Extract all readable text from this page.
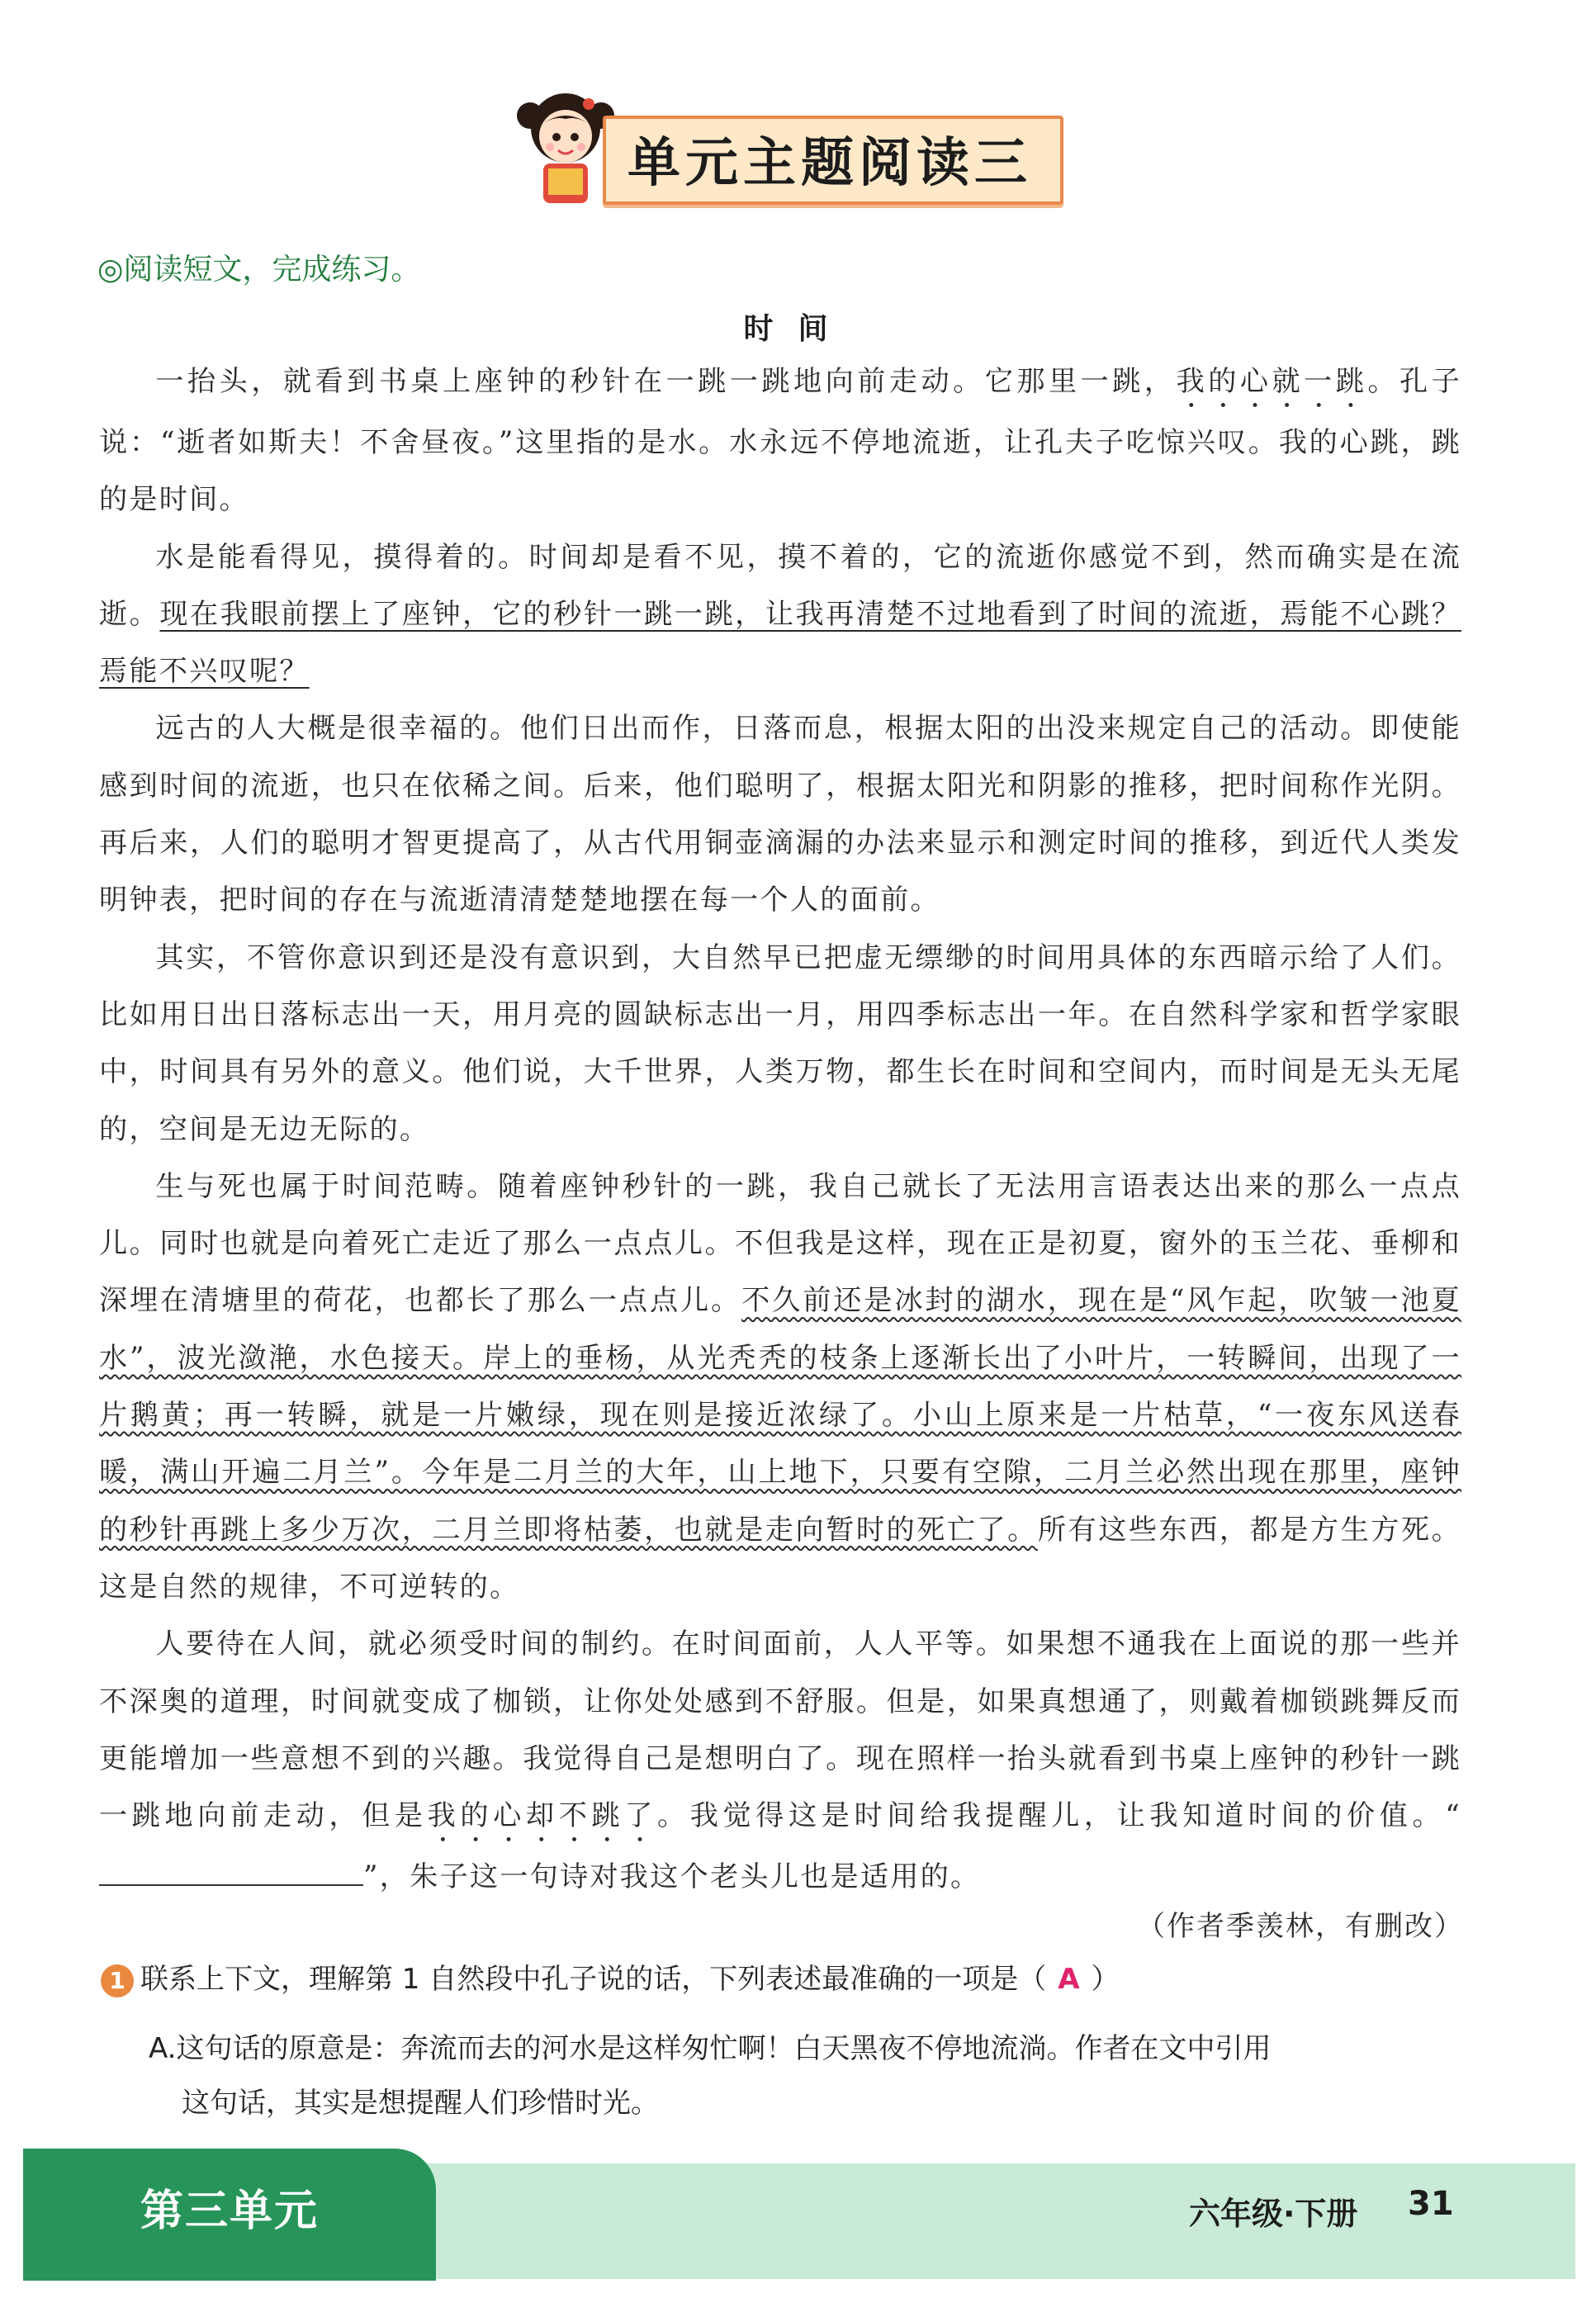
单元主题阅读三
◎阅读短文，完成练习。
时间

一抬头，就看到书桌上座钟的秒针在一跳一跳地向前走动。它那里一跳，我的心就一跳。孔子说：“逝者如斯夫！不舍昼夜。”这里指的是水。水永远不停地流逝，让孔夫子吃惊兴叹。我的心跳，跳的是时间。

水是能看得见，摸得着的。时间却是看不见，摸不着的，它的流逝你感觉不到，然而确实是在流逝。现在我眼前摆上了座钟，它的秒针一跳一跳，让我再清楚不过地看到了时间的流逝，焉能不心跳？焉能不兴叹呢？

远古的人大概是很幸福的。他们日出而作，日落而息，根据太阳的出没来规定自己的活动。即使能感到时间的流逝，也只在依稀之间。后来，他们聪明了，根据太阳光和阴影的推移，把时间称作光阴。再后来，人们的聪明才智更提高了，从古代用铜壶滴漏的办法来显示和测定时间的推移，到近代人类发明钟表，把时间的存在与流逝清清楚楚地摆在每一个人的面前。

其实，不管你意识到还是没有意识到，大自然早已把虚无缥缈的时间用具体的东西暗示给了人们。比如用日出日落标志出一天，用月亮的圆缺标志出一月，用四季标志出一年。在自然科学家和哲学家眼中，时间具有另外的意义。他们说，大千世界，人类万物，都生长在时间和空间内，而时间是无头无尾的，空间是无边无际的。

生与死也属于时间范畴。随着座钟秒针的一跳，我自己就长了无法用言语表达出来的那么一点点儿。同时也就是向着死亡走近了那么一点点儿。不但我是这样，现在正是初夏，窗外的玉兰花、垂柳和深埋在清塘里的荷花，也都长了那么一点点儿。不久前还是冰封的湖水，现在是“风乍起，吹皱一池夏水”，波光潋滟，水色接天。岸上的垂杨，从光秃秃的枝条上逐渐长出了小叶片，一转瞬间，出现了一片鹅黄；再一转瞬，就是一片嫩绿，现在则是接近浓绿了。小山上原来是一片枯草，“一夜东风送春暖，满山开遍二月兰”。今年是二月兰的大年，山上地下，只要有空隙，二月兰必然出现在那里，座钟的秒针再跳上多少万次，二月兰即将枯萎，也就是走向暂时的死亡了。所有这些东西，都是方生方死。这是自然的规律，不可逆转的。

人要待在人间，就必须受时间的制约。在时间面前，人人平等。如果想不通我在上面说的那一些并不深奥的道理，时间就变成了枷锁，让你处处感到不舒服。但是，如果真想通了，则戴着枷锁跳舞反而更能增加一些意想不到的兴趣。我觉得自己是想明白了。现在照样一抬头就看到书桌上座钟的秒针一跳一跳地向前走动，但是我的心却不跳了。我觉得这是时间给我提醒儿，让我知道时间的价值。“”，朱子这一句诗对我这个老头儿也是适用的。

（作者季羡林，有删改）
1 联系上下文，理解第 1 自然段中孔子说的话，下列表述最准确的一项是（ A ）
A.这句话的原意是：奔流而去的河水是这样匆忙啊！白天黑夜不停地流淌。作者在文中引用
这句话，其实是想提醒人们珍惜时光。
第三单元	六年级·下册 31
